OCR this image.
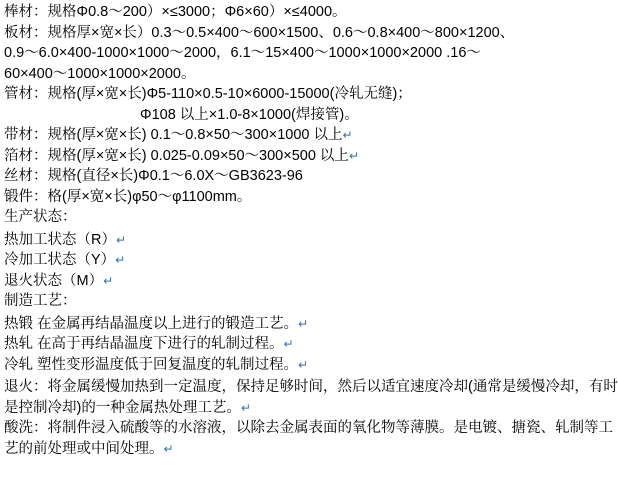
棒材：规格Φ0.8～200）×≤3000；Φ6×60）×≤4000。
板材：规格厚×宽×长）0.3～0.5×400～600×1500、0.6～0.8×400～800×1200、
0.9～6.0×400-1000×1000～2000，6.1～15×400～1000×1000×2000 .16～
60×400～1000×1000×2000。
管材：规格(厚×宽×长)Φ5-110×0.5-10×6000-15000(冷轧无缝)；
Φ108 以上×1.0-8×1000(焊接管)。
带材：规格(厚×宽×长) 0.1～0.8×50～300×1000 以上↵
箔材：规格(厚×宽×长) 0.025-0.09×50～300×500 以上↵
丝材：规格(直径×长)Φ0.1～6.0X～GB3623-96
锻件：格(厚×宽×长)φ50～φ1100mm。
生产状态：
热加工状态（R）↵
冷加工状态（Y）↵
退火状态（M）↵
制造工艺：
热锻 在金属再结晶温度以上进行的锻造工艺。↵
热轧 在高于再结晶温度下进行的轧制过程。↵
冷轧 塑性变形温度低于回复温度的轧制过程。↵
退火：将金属缓慢加热到一定温度，保持足够时间，然后以适宜速度冷却(通常是缓慢冷却，有时是控制冷却)的一种金属热处理工艺。↵
酸洗：将制件浸入硫酸等的水溶液，以除去金属表面的氧化物等薄膜。是电镀、搪瓷、轧制等工艺的前处理或中间处理。↵
